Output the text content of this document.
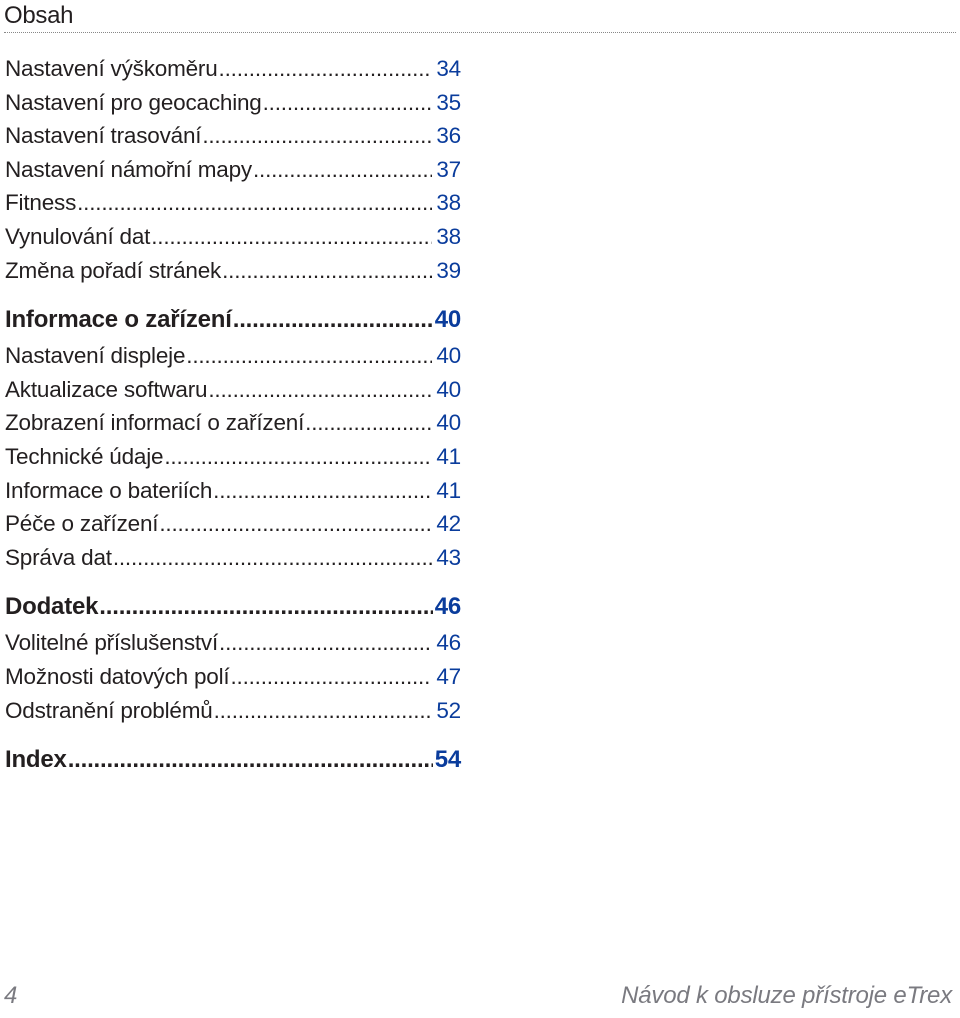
Obsah
Nastavení výškoměru .....	34
Nastavení pro geocaching .....	35
Nastavení trasování .....	36
Nastavení námořní mapy .....	37
Fitness .....	38
Vynulování dat .....	38
Změna pořadí stránek .....	39
Informace o zařízení .....	40
Nastavení displeje .....	40
Aktualizace softwaru .....	40
Zobrazení informací o zařízení .....	40
Technické údaje .....	41
Informace o bateriích .....	41
Péče o zařízení .....	42
Správa dat .....	43
Dodatek .....	46
Volitelné příslušenství .....	46
Možnosti datových polí .....	47
Odstranění problémů .....	52
Index .....	54
4	Návod k obsluze přístroje eTrex
